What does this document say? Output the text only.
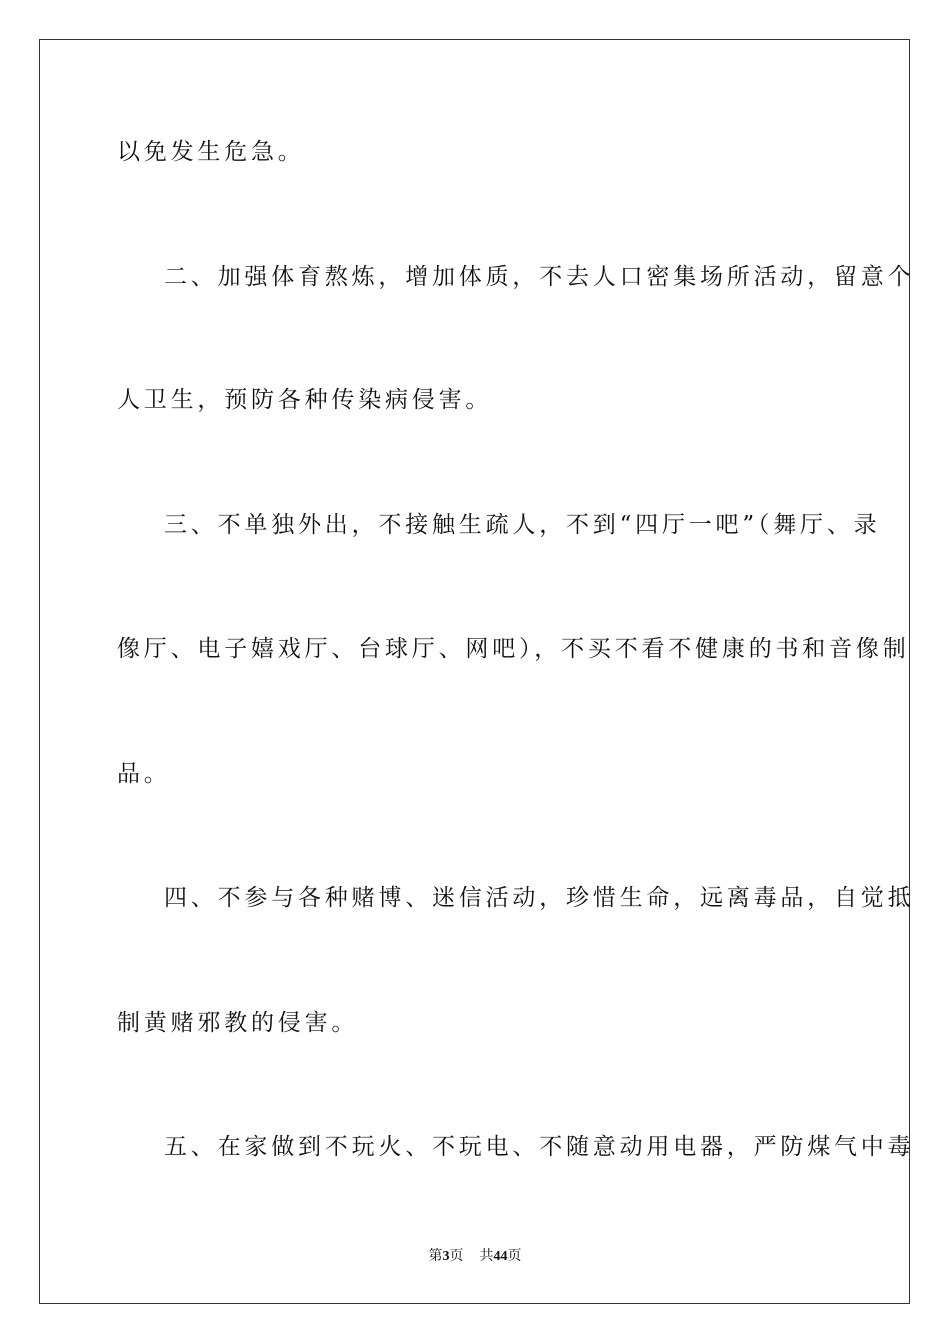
以免发生危急。
二、加强体育熬炼，增加体质，不去人口密集场所活动，留意个
人卫生，预防各种传染病侵害。
三、不单独外出，不接触生疏人，不到“四厅一吧”（舞厅、录
像厅、电子嬉戏厅、台球厅、网吧），不买不看不健康的书和音像制
品。
四、不参与各种赌博、迷信活动，珍惜生命，远离毒品，自觉抵
制黄赌邪教的侵害。
五、在家做到不玩火、不玩电、不随意动用电器，严防煤气中毒
第3页 共44页
